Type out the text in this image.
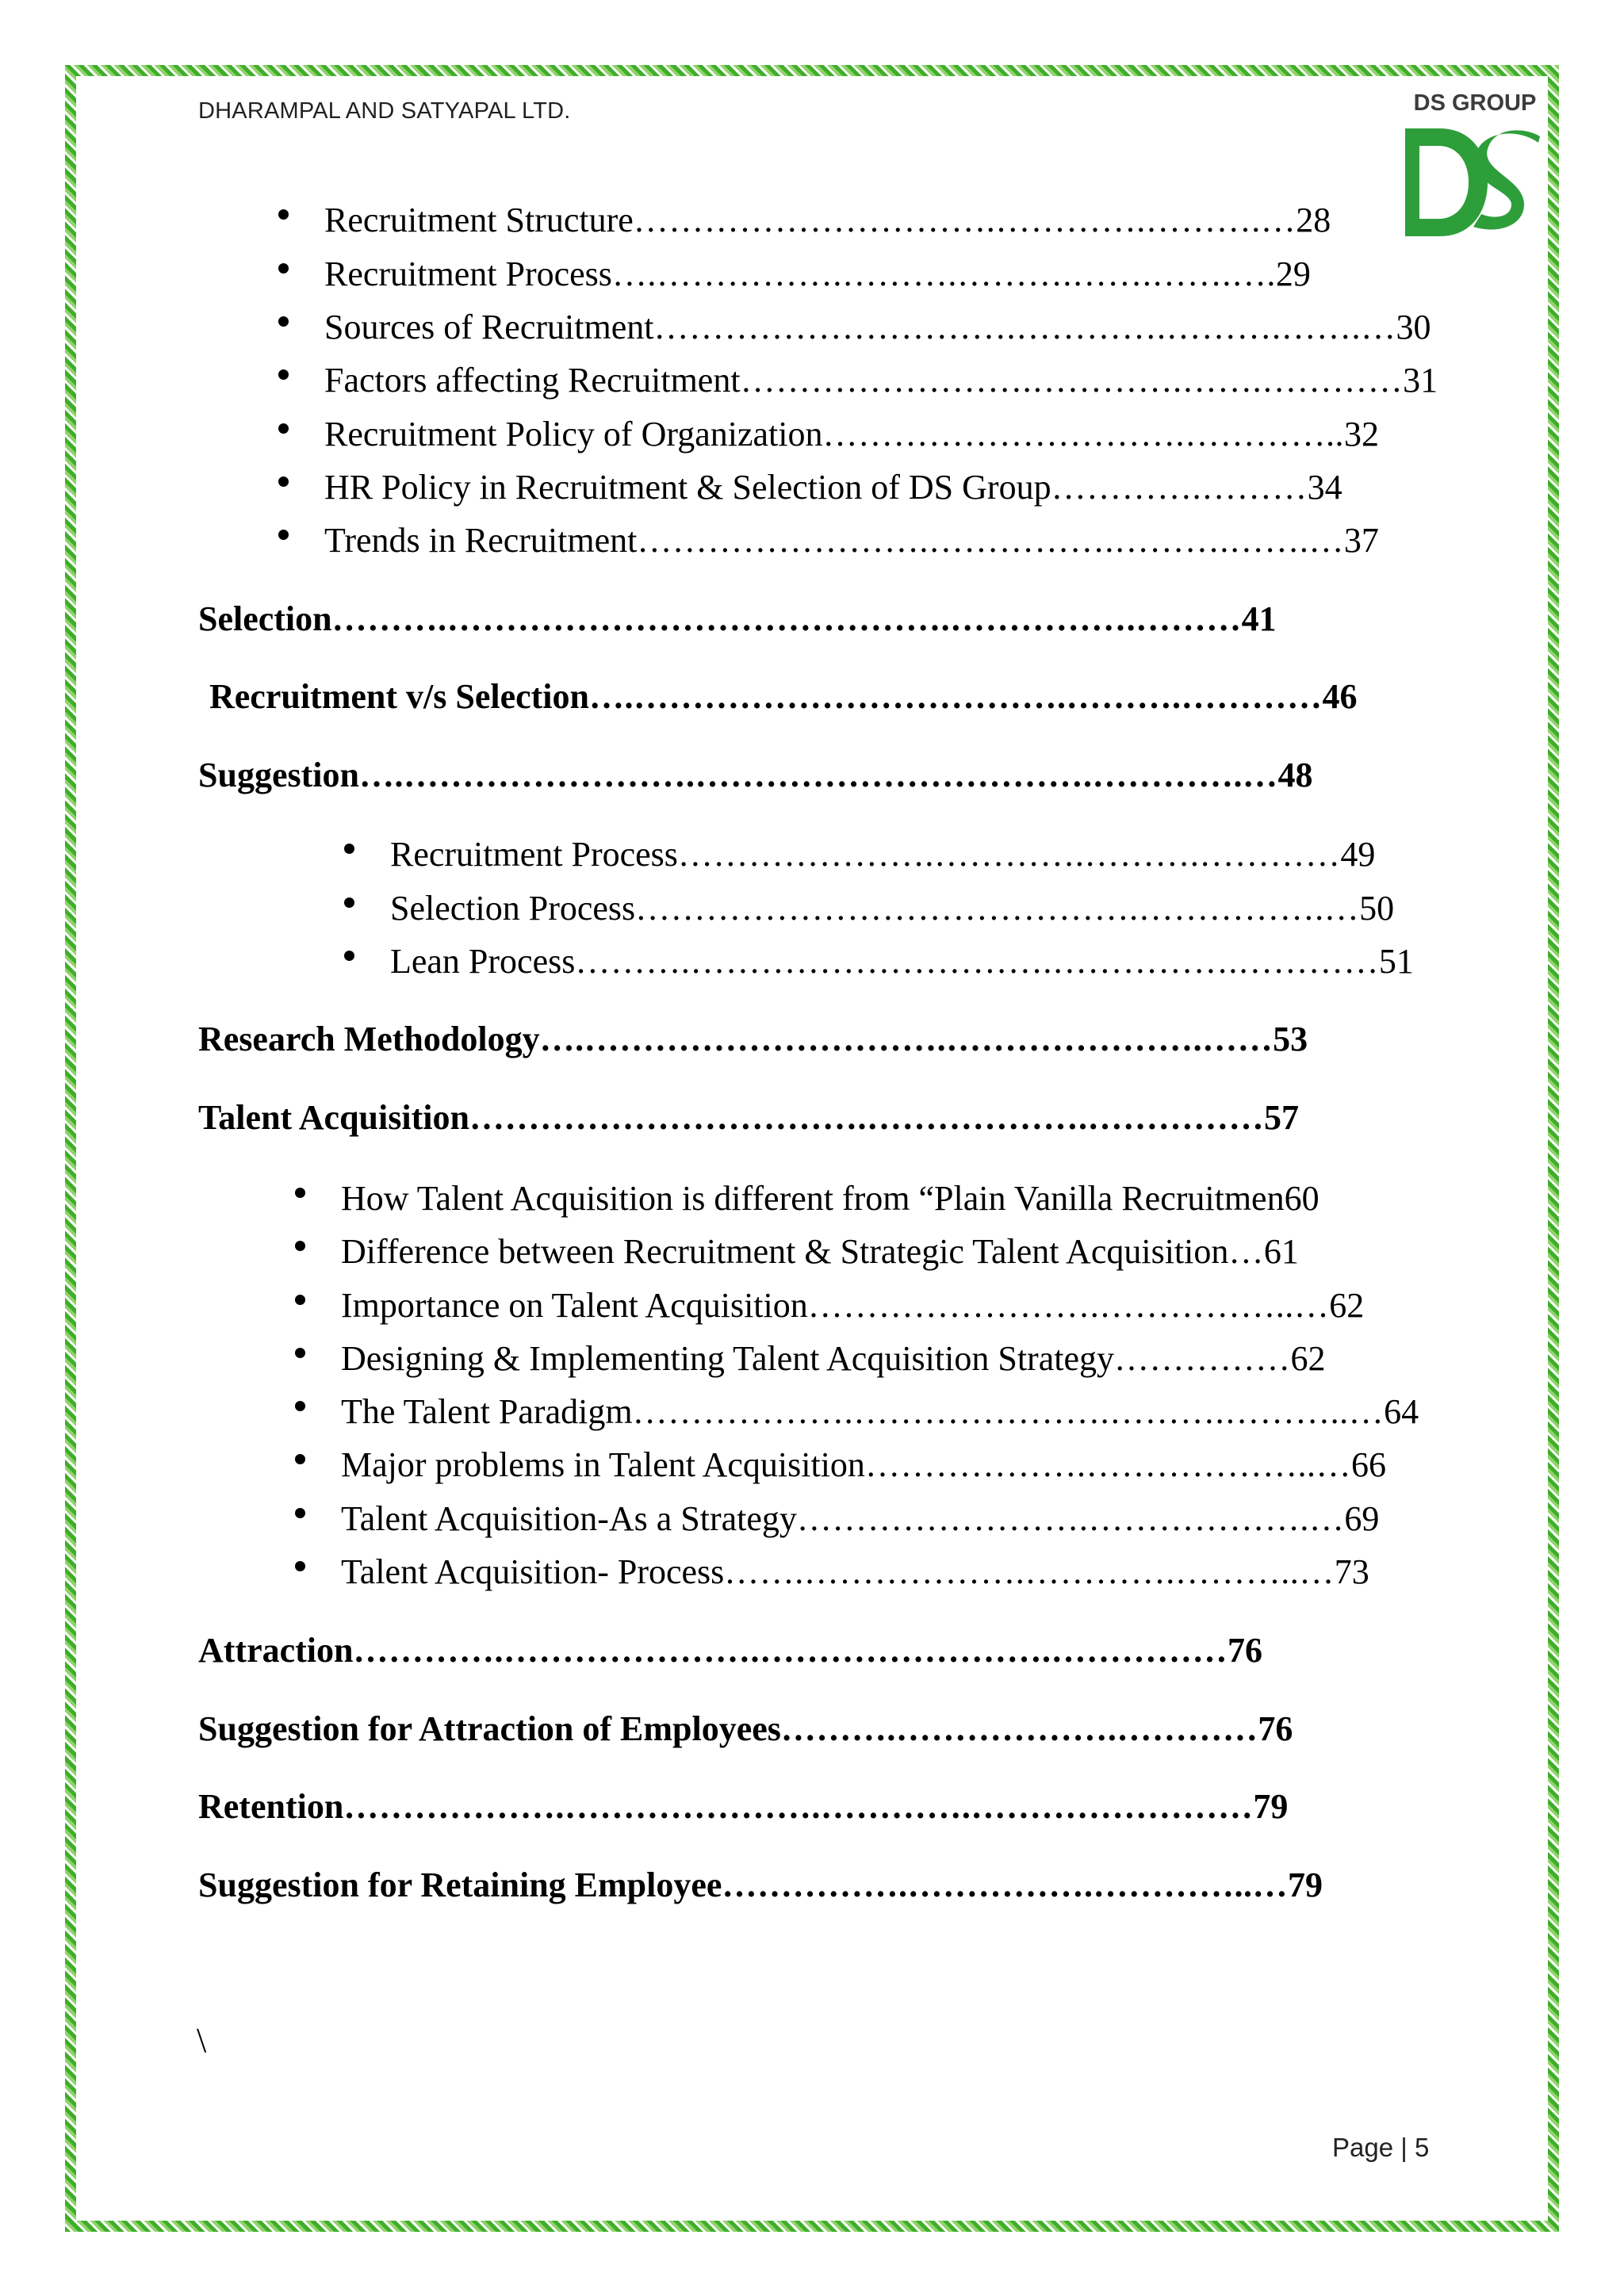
DHARAMPAL AND SATYAPAL LTD.	DS GROUP
Recruitment Structure ………………………….………….……….… 28
Recruitment Process ….…………….……….……….…….…….…. 29
Sources of Recruitment ………………………….………….……….…….… 30
Factors affecting Recruitment …………………….………….…….………… 31
Recruitment Policy of Organization ………………………….………….. 32
HR Policy in Recruitment & Selection of DS Group ………….……… 34
Trends in Recruitment …………………….…………….……….…….… 37
Selection ……….…………………………………….…………….……… 41
Recruitment v/s Selection ….……………………………….……….………… 46
Suggestion ….…………………….…………………………….………….… 48
Recruitment Process ………………….………….……….………… 49
Selection Process …………………………………….…………….… 50
Lean Process ……….………………………….…………….………… 51
Research Methodology ….………………………….………………….…… 53
Talent Acquisition …………………………….……………….…………… 57
How Talent Acquisition is different from “Plain Vanilla Recruitmen 60
Difference between Recruitment & Strategic Talent Acquisition … 61
Importance on Talent Acquisition …………………….……………..… 62
Designing & Implementing Talent Acquisition Strategy …………… 62
The Talent Paradigm ……………….………………….……….………..… 64
Major problems in Talent Acquisition ……………….………………..… 66
Talent Acquisition-As a Strategy …………………….……………….… 69
Talent Acquisition- Process …….……………….………….………..… 73
Attraction ………….………………….…………………….…………… 76
Suggestion for Attraction of Employees ……….……………….………… 76
Retention ……………….………………….………….…………………… 79
Suggestion for Retaining Employee …………….…………….…………..… 79
\
Page | 5
